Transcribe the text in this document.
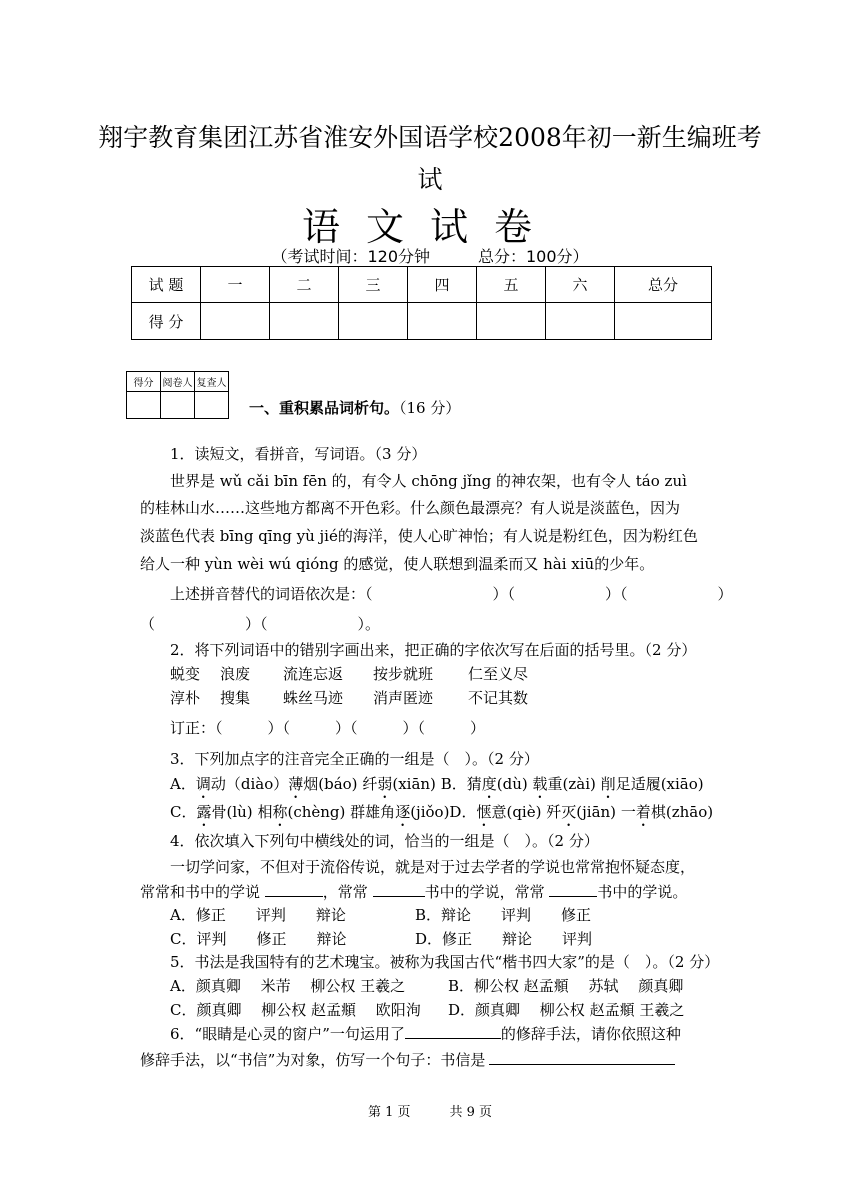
翔宇教育集团江苏省淮安外国语学校2008年初一新生编班考
试
语文试卷
（考试时间：120分钟　　　总分：100分）
试 题	一	二	三	四	五	六	总分
得 分							
得分	阅卷人	复查人

一、重积累品词析句。（16 分）
1．读短文，看拼音，写词语。（3 分）
世界是 wǔ cǎi bīn fēn 的，有令人 chōng jǐng 的神农架，也有令人 táo zuì
的桂林山水……这些地方都离不开色彩。什么颜色最漂亮？有人说是淡蓝色，因为
淡蓝色代表 bīng qīng yù jié的海洋，使人心旷神怡；有人说是粉红色，因为粉红色
给人一种 yùn wèi wú qióng 的感觉，使人联想到温柔而又 hài xiū的少年。
上述拼音替代的词语依次是：（　　　　　　　　）（　　　　　　）（　　　　　　）
（　　　　　　）（　　　　　　）。
2．将下列词语中的错别字画出来，把正确的字依次写在后面的括号里。（2 分）
蜕变 浪废 流连忘返 按步就班 仁至义尽
淳朴 搜集 蛛丝马迹 消声匿迹 不记其数
订正：（　　　）（　　　）（　　　）（　　　）
3．下列加点字的注音完全正确的一组是（　）。（2 分）
A．调动（diào）薄烟(báo) 纤弱(xiān) B．猜度(dù) 载重(zài) 削足适履(xiāo)
C．露骨(lù) 相称(chèng) 群雄角逐(jiǒo)D．惬意(qiè) 歼灭(jiān) 一着棋(zhāo)
4．依次填入下列句中横线处的词，恰当的一组是（　）。（2 分）
一切学问家，不但对于流俗传说，就是对于过去学者的学说也常常抱怀疑态度，
常常和书中的学说	，常常	书中的学说，常常	书中的学说。
A．修正　　评判　　辩论	B．辩论　　评判　　修正
C．评判　　修正　　辩论	D．修正　　辩论　　评判
5．书法是我国特有的艺术瑰宝。被称为我国古代“楷书四大家”的是（　）。（2 分）
A．颜真卿　 米芾　 柳公权 王羲之	B．柳公权 赵孟頫　 苏轼　 颜真卿
C．颜真卿　 柳公权 赵孟頫　 欧阳洵 D．颜真卿　 柳公权 赵孟頫 王羲之
6．“眼睛是心灵的窗户”一句运用了	的修辞手法，请你依照这种
修辞手法，以“书信”为对象，仿写一个句子：书信是
第 1 页　　　共 9 页
